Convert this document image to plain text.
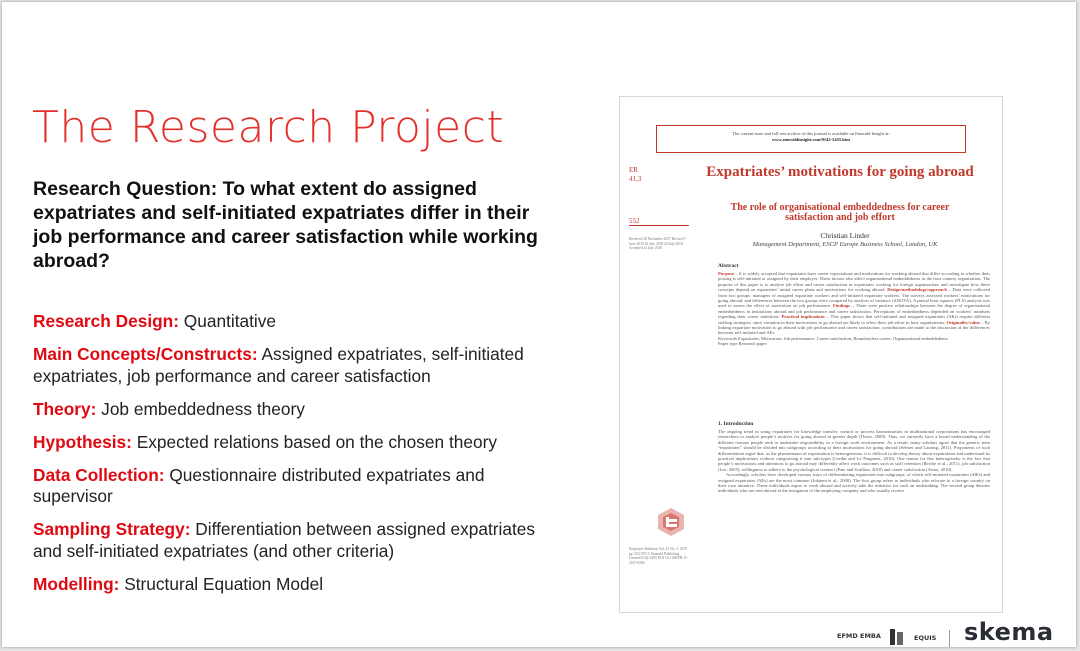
The Research Project
Research Question: To what extent do assigned expatriates and self-initiated expatriates differ in their job performance and career satisfaction while working abroad?
Research Design: Quantitative
Main Concepts/Constructs: Assigned expatriates, self-initiated expatriates, job performance and career satisfaction
Theory: Job embeddedness theory
Hypothesis: Expected relations based on the chosen theory
Data Collection: Questionnaire distributed expatriates and supervisor
Sampling Strategy: Differentiation between assigned expatriates and self-initiated expatriates (and other criteria)
Modelling: Structural Equation Model
The current issue and full text archive of this journal is available on Emerald Insight at:
www.emeraldinsight.com/0142-5455.htm
ER
41,3
552
Received 28 November 2017 Revised 7 June 2018 16 July 2018 20 July 2018 Accepted 24 July 2018
Expatriates’ motivations for going abroad
The role of organisational embeddedness for career satisfaction and job effort
Christian Linder
Management Department, ESCP Europe Business School, London, UK
Abstract
Purpose – It is widely accepted that expatriates have career expectations and motivations for working abroad that differ according to whether their posting is self-initiated or assigned by their employer. These factors also affect organisational embeddedness in the host country organisation. The purpose of this paper is to analyse job effort and career satisfaction in expatriates working for foreign organisations and investigate how these concepts depend on expatriates’ initial career plans and motivations for working abroad. Design/methodology/approach – Data were collected from two groups: managers of assigned expatriate workers and self-initiated expatriate workers. The surveys assessed workers’ motivations for going abroad, and differences between the two groups were compared by analysis of variance (ANOVA). A partial least squares (PLS) analysis was used to assess the effect of motivation on job performance. Findings – There were positive relationships between the degree of organisational embeddedness in institutions abroad and job performance and career satisfaction. Perceptions of embeddedness depended on workers’ mindsets regarding their career ambitions. Practical implications – This paper shows that self-initiated and assigned expatriates (AEs) require different staffing strategies, since variation in their motivations to go abroad are likely to affect their job effort in host organisations. Originality/value – By linking expatriate motivation to go abroad with job performance and career satisfaction, contributions are made to the discussion of the differences between self-initiated and AEs.
Keywords Expatriates, Motivation, Job performance, Career satisfaction, Boundaryless career, Organizational embeddedness
Paper type Research paper
1. Introduction
The ongoing trend in using expatriates for knowledge transfer, control or process harmonisation in multinational corporations has encouraged researchers to analyse people’s motives for going abroad in greater depth (Thorn, 2009). Thus, we currently have a broad understanding of the different reasons people seek to undertake responsibility in a foreign work environment. As a result, many scholars agree that the generic term “expatriates” should be divided into subgroups according to their motivations for going abroad (Selmer and Lauring, 2011). Proponents of such differentiation argue that, as the phenomenon of expatriation is heterogeneous, it is difficult to develop theory about expatriation and understand its practical implications without categorising it into sub-types (Cerdin and Le Pargneux, 2010). One reason for this heterogeneity is the fact that people’s motivations and intentions to go abroad may differently affect work outcomes such as staff retention (Reiche et al., 2011), job satisfaction (Lee, 2005), willingness to adhere to the psychological contract (Pate and Scullion, 2010) and career satisfaction (Arino, 2010).
Accordingly, scholars have developed various ways of differentiating expatriates into subgroups, of which self-initiated expatriates (SIEs) and assigned expatriates (AEs) are the most common (Jokinen et al., 2008). The first group refers to individuals who relocate to a foreign country on their own initiative. These individuals aspire to work abroad and actively take the initiative for such an undertaking. The second group denotes individuals who are sent abroad at the instigation of the employing company and who usually receive
Employee Relations Vol. 41 No. 3, 2019 pp. 552-570 © Emerald Publishing Limited 0142-5455 DOI 10.1108/ER-11-2017-0284
EFMD EMBA	EQUIS skema
